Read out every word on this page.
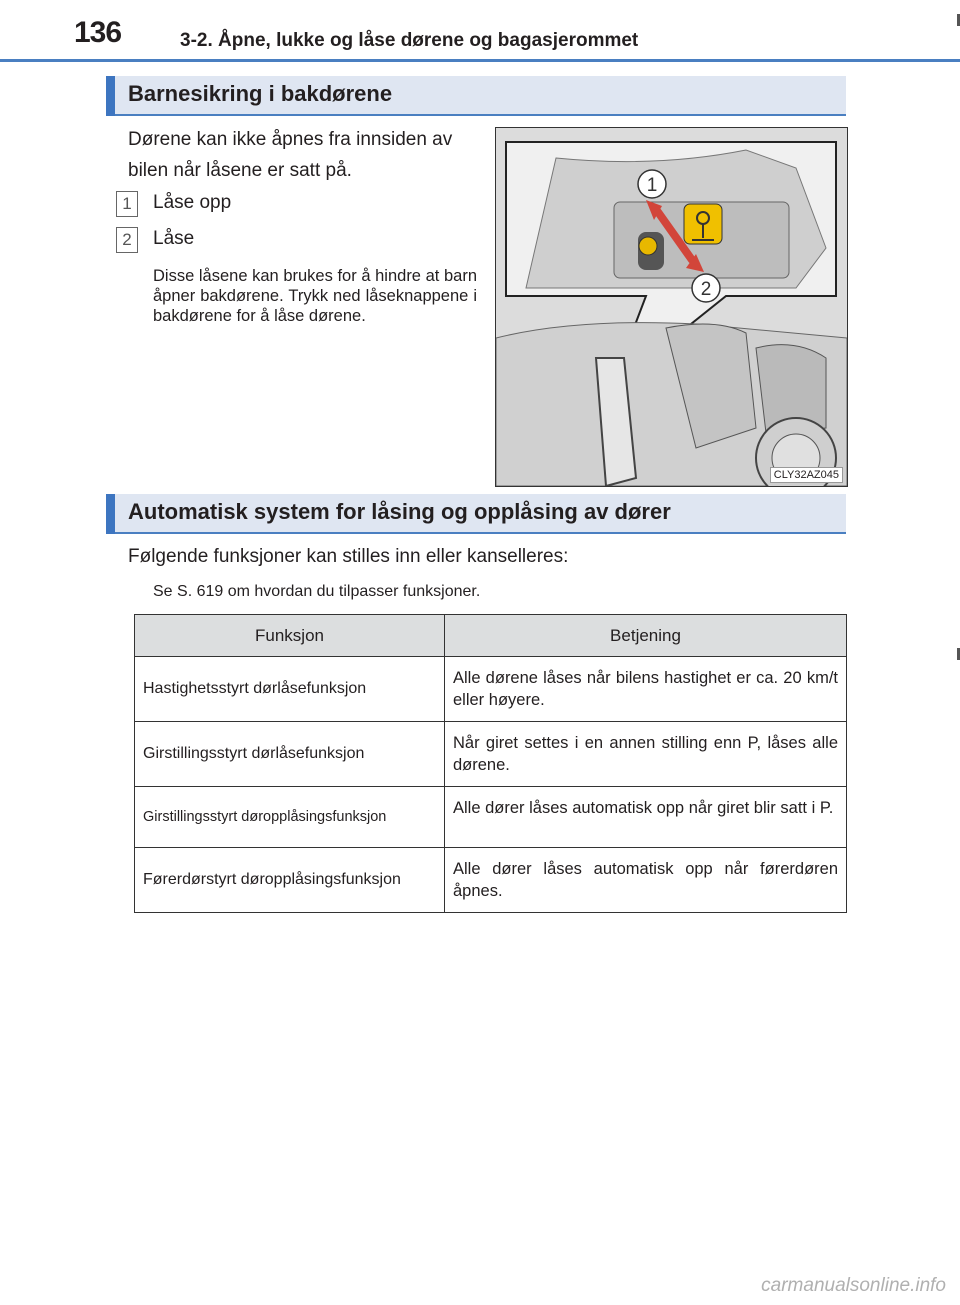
136	3-2. Åpne, lukke og låse dørene og bagasjerommet
Barnesikring i bakdørene
Dørene kan ikke åpnes fra innsiden av bilen når låsene er satt på.
1	Låse opp
2	Låse
Disse låsene kan brukes for å hindre at barn åpner bakdørene. Trykk ned låseknappene i bakdørene for å låse dørene.
1
2
CLY32AZ045
Automatisk system for låsing og opplåsing av dører
Følgende funksjoner kan stilles inn eller kanselleres:
Se S. 619 om hvordan du tilpasser funksjoner.
Funksjon	Betjening
Hastighetsstyrt dørlåsefunksjon	Alle dørene låses når bilens hastighet er ca. 20 km/t eller høyere.
Girstillingsstyrt dørlåsefunksjon	Når giret settes i en annen stilling enn P, låses alle dørene.
Girstillingsstyrt døropplåsingsfunksjon	Alle dører låses automatisk opp når giret blir satt i P.
Førerdørstyrt døropplåsingsfunksjon	Alle dører låses automatisk opp når førerdøren åpnes.
carmanualsonline.info
